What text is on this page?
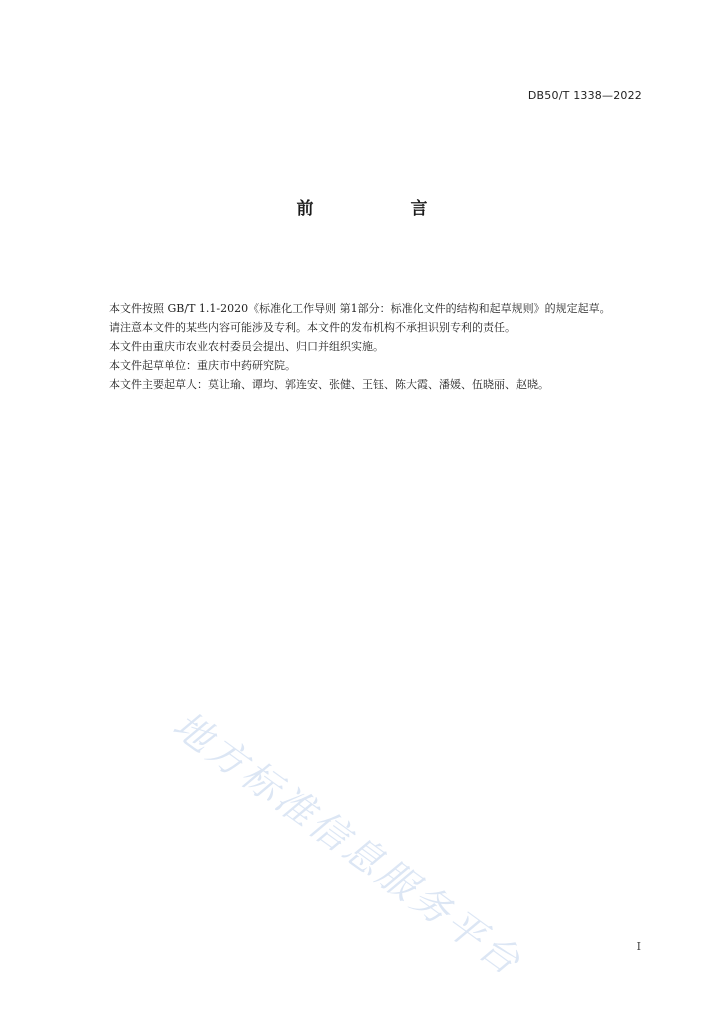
DB50/T 1338—2022
前　言

本文件按照 GB/T 1.1-2020《标准化工作导则 第1部分：标准化文件的结构和起草规则》的规定起草。

请注意本文件的某些内容可能涉及专利。本文件的发布机构不承担识别专利的责任。

本文件由重庆市农业农村委员会提出、归口并组织实施。

本文件起草单位：重庆市中药研究院。

本文件主要起草人：莫让瑜、谭均、郭连安、张健、王钰、陈大霞、潘媛、伍晓丽、赵晓。

地方标准信息服务平台	I
